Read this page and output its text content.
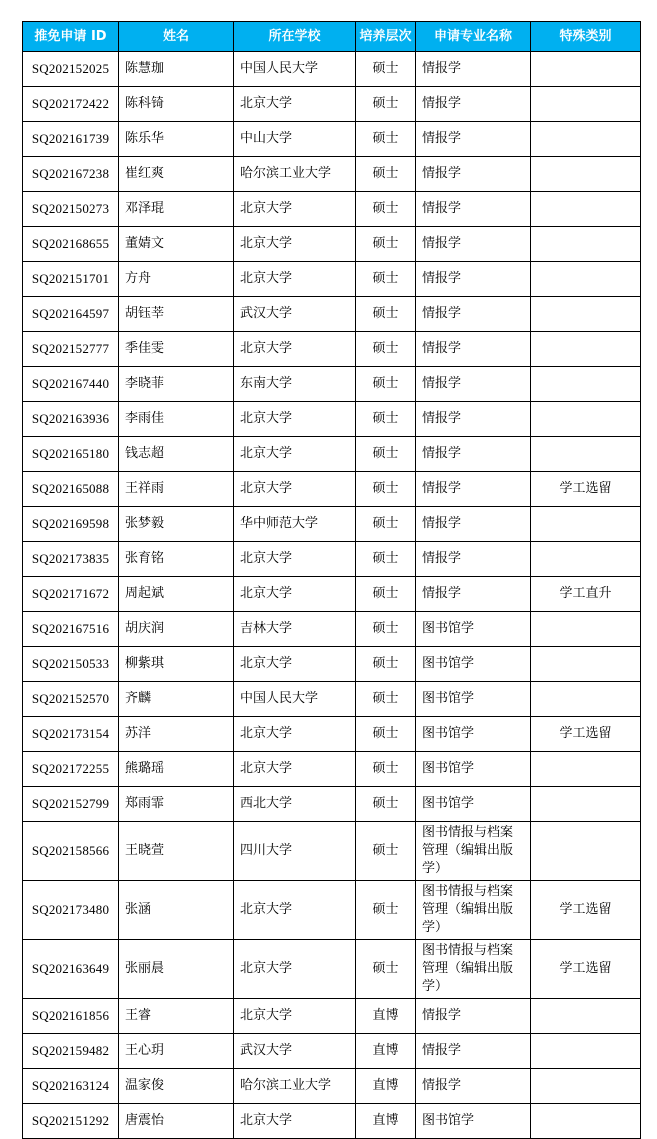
推免申请 ID	姓名	所在学校	培养层次	申请专业名称	特殊类别
SQ202152025	陈慧珈	中国人民大学	硕士	情报学	
SQ202172422	陈科锜	北京大学	硕士	情报学	
SQ202161739	陈乐华	中山大学	硕士	情报学	
SQ202167238	崔红爽	哈尔滨工业大学	硕士	情报学	
SQ202150273	邓泽琨	北京大学	硕士	情报学	
SQ202168655	董婧文	北京大学	硕士	情报学	
SQ202151701	方舟	北京大学	硕士	情报学	
SQ202164597	胡钰莘	武汉大学	硕士	情报学	
SQ202152777	季佳雯	北京大学	硕士	情报学	
SQ202167440	李晓菲	东南大学	硕士	情报学	
SQ202163936	李雨佳	北京大学	硕士	情报学	
SQ202165180	钱志超	北京大学	硕士	情报学	
SQ202165088	王祥雨	北京大学	硕士	情报学	学工选留
SQ202169598	张梦毅	华中师范大学	硕士	情报学	
SQ202173835	张育铭	北京大学	硕士	情报学	
SQ202171672	周起斌	北京大学	硕士	情报学	学工直升
SQ202167516	胡庆润	吉林大学	硕士	图书馆学	
SQ202150533	柳紫琪	北京大学	硕士	图书馆学	
SQ202152570	齐麟	中国人民大学	硕士	图书馆学	
SQ202173154	苏洋	北京大学	硕士	图书馆学	学工选留
SQ202172255	熊璐瑶	北京大学	硕士	图书馆学	
SQ202152799	郑雨霏	西北大学	硕士	图书馆学	
SQ202158566	王晓萱	四川大学	硕士	图书情报与档案管理（编辑出版学）	
SQ202173480	张涵	北京大学	硕士	图书情报与档案管理（编辑出版学）	学工选留
SQ202163649	张丽晨	北京大学	硕士	图书情报与档案管理（编辑出版学）	学工选留
SQ202161856	王睿	北京大学	直博	情报学	
SQ202159482	王心玥	武汉大学	直博	情报学	
SQ202163124	温家俊	哈尔滨工业大学	直博	情报学	
SQ202151292	唐震怡	北京大学	直博	图书馆学	
